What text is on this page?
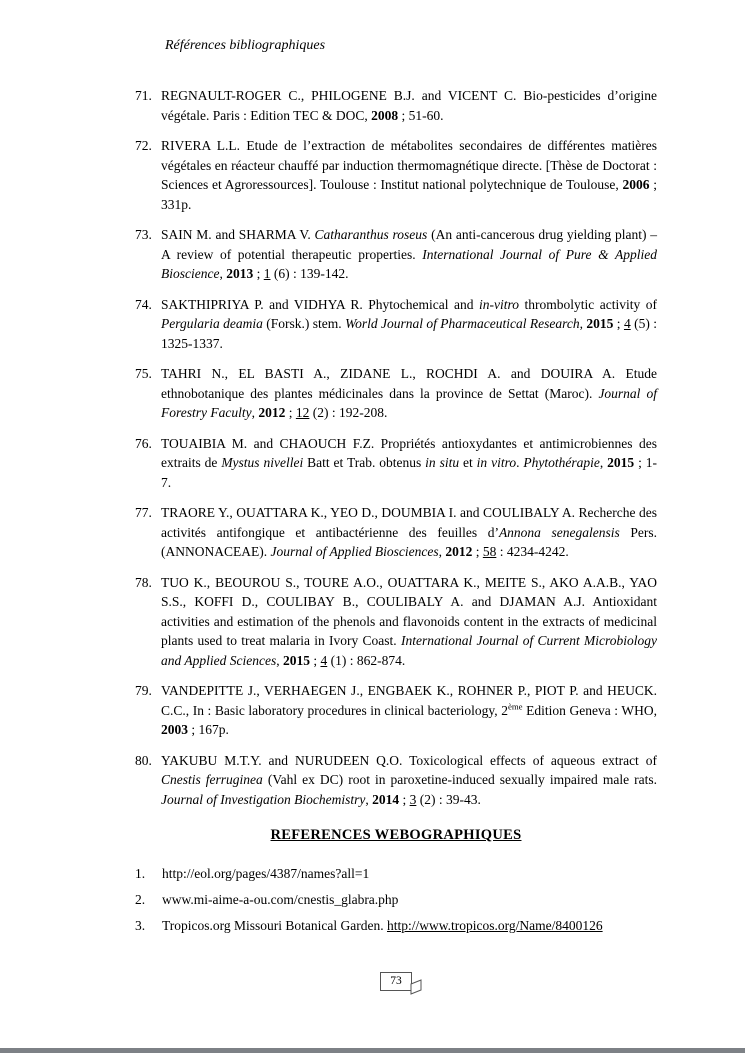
Références bibliographiques
71. REGNAULT-ROGER C., PHILOGENE B.J. and VICENT C. Bio-pesticides d’origine végétale. Paris : Edition TEC & DOC, 2008 ; 51-60.
72. RIVERA L.L. Etude de l’extraction de métabolites secondaires de différentes matières végétales en réacteur chauffé par induction thermomagnétique directe. [Thèse de Doctorat : Sciences et Agroressources]. Toulouse : Institut national polytechnique de Toulouse, 2006 ; 331p.
73. SAIN M. and SHARMA V. Catharanthus roseus (An anti-cancerous drug yielding plant) – A review of potential therapeutic properties. International Journal of Pure & Applied Bioscience, 2013 ; 1 (6) : 139-142.
74. SAKTHIPRIYA P. and VIDHYA R. Phytochemical and in-vitro thrombolytic activity of Pergularia deamia (Forsk.) stem. World Journal of Pharmaceutical Research, 2015 ; 4 (5) : 1325-1337.
75. TAHRI N., EL BASTI A., ZIDANE L., ROCHDI A. and DOUIRA A. Etude ethnobotanique des plantes médicinales dans la province de Settat (Maroc). Journal of Forestry Faculty, 2012 ; 12 (2) : 192-208.
76. TOUAIBIA M. and CHAOUCH F.Z. Propriétés antioxydantes et antimicrobiennes des extraits de Mystus nivellei Batt et Trab. obtenus in situ et in vitro. Phytothérapie, 2015 ; 1-7.
77. TRAORE Y., OUATTARA K., YEO D., DOUMBIA I. and COULIBALY A. Recherche des activités antifongique et antibactérienne des feuilles d’Annona senegalensis Pers. (ANNONACEAE). Journal of Applied Biosciences, 2012 ; 58 : 4234-4242.
78. TUO K., BEOUROU S., TOURE A.O., OUATTARA K., MEITE S., AKO A.A.B., YAO S.S., KOFFI D., COULIBAY B., COULIBALY A. and DJAMAN A.J. Antioxidant activities and estimation of the phenols and flavonoids content in the extracts of medicinal plants used to treat malaria in Ivory Coast. International Journal of Current Microbiology and Applied Sciences, 2015 ; 4 (1) : 862-874.
79. VANDEPITTE J., VERHAEGEN J., ENGBAEK K., ROHNER P., PIOT P. and HEUCK. C.C., In : Basic laboratory procedures in clinical bacteriology, 2ème Edition Geneva : WHO, 2003 ; 167p.
80. YAKUBU M.T.Y. and NURUDEEN Q.O. Toxicological effects of aqueous extract of Cnestis ferruginea (Vahl ex DC) root in paroxetine-induced sexually impaired male rats. Journal of Investigation Biochemistry, 2014 ; 3 (2) : 39-43.
REFERENCES WEBOGRAPHIQUES
1. http://eol.org/pages/4387/names?all=1
2. www.mi-aime-a-ou.com/cnestis_glabra.php
3. Tropicos.org Missouri Botanical Garden. http://www.tropicos.org/Name/8400126
73
